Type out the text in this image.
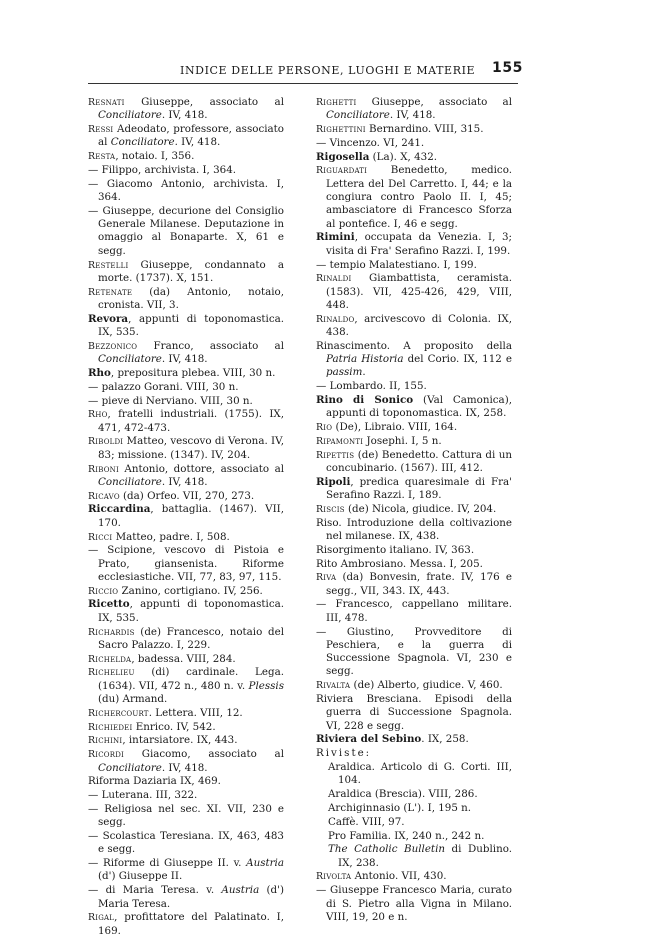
INDICE DELLE PERSONE, LUOGHI E MATERIE 155
Resnati Giuseppe, associato al Conciliatore. IV, 418.
Ressi Adeodato, professore, associato al Conciliatore. IV, 418.
Resta, notaio. I, 356.
— Filippo, archivista. I, 364.
— Giacomo Antonio, archivista. I, 364.
— Giuseppe, decurione del Consiglio Generale Milanese. Deputazione in omaggio al Bonaparte. X, 61 e segg.
Restelli Giuseppe, condannato a morte. (1737). X, 151.
Retenate (da) Antonio, notaio, cronista. VII, 3.
Revora, appunti di toponomastica. IX, 535.
Bezzonico Franco, associato al Conciliatore. IV, 418.
Rho, prepositura plebea. VIII, 30 n.
— palazzo Gorani. VIII, 30 n.
— pieve di Nerviano. VIII, 30 n.
Rho, fratelli industriali. (1755). IX, 471, 472-473.
Riboldi Matteo, vescovo di Verona. IV, 83; missione. (1347). IV, 204.
Riboni Antonio, dottore, associato al Conciliatore. IV, 418.
Ricavo (da) Orfeo. VII, 270, 273.
Riccardina, battaglia. (1467). VII, 170.
Ricci Matteo, padre. I, 508.
— Scipione, vescovo di Pistoia e Prato, giansenista. Riforme ecclesiastiche. VII, 77, 83, 97, 115.
Riccio Zanino, cortigiano. IV, 256.
Ricetto, appunti di toponomastica. IX, 535.
Richardis (de) Francesco, notaio del Sacro Palazzo. I, 229.
Richelda, badessa. VIII, 284.
Richelieu (di) cardinale. Lega. (1634). VII, 472 n., 480 n. v. Plessis (du) Armand.
Richercourt. Lettera. VIII, 12.
Richiedei Enrico. IV, 542.
Richini, intarsiatore. IX, 443.
Ricordi Giacomo, associato al Conciliatore. IV, 418.
Riforma Daziaria IX, 469.
— Luterana. III, 322.
— Religiosa nel sec. XI. VII, 230 e segg.
— Scolastica Teresiana. IX, 463, 483 e segg.
— Riforme di Giuseppe II. v. Austria (d') Giuseppe II.
— di Maria Teresa. v. Austria (d') Maria Teresa.
Rigal, profittatore del Palatinato. I, 169.
Righetti Giuseppe, associato al Conciliatore. IV, 418.
Righettini Bernardino. VIII, 315.
— Vincenzo. VI, 241.
Rigosella (La). X, 432.
Riguardati Benedetto, medico. Lettera del Del Carretto. I, 44; e la congiura contro Paolo II. I, 45; ambasciatore di Francesco Sforza al pontefice. I, 46 e segg.
Rimini, occupata da Venezia. I, 3; visita di Fra' Serafino Razzi. I, 199.
— tempio Malatestiano. I, 199.
Rinaldi Giambattista, ceramista. (1583). VII, 425-426, 429, VIII, 448.
Rinaldo, arcivescovo di Colonia. IX, 438.
Rinascimento. A proposito della Patria Historia del Corio. IX, 112 e passim.
— Lombardo. II, 155.
Rino di Sonico (Val Camonica), appunti di toponomastica. IX, 258.
Rio (De), Libraio. VIII, 164.
Ripamonti Josephi. I, 5 n.
Ripettis (de) Benedetto. Cattura di un concubinario. (1567). III, 412.
Ripoli, predica quaresimale di Fra' Serafino Razzi. I, 189.
Riscis (de) Nicola, giudice. IV, 204.
Riso. Introduzione della coltivazione nel milanese. IX, 438.
Risorgimento italiano. IV, 363.
Rito Ambrosiano. Messa. I, 205.
Riva (da) Bonvesin, frate. IV, 176 e segg., VII, 343. IX, 443.
— Francesco, cappellano militare. III, 478.
— Giustino, Provveditore di Peschiera, e la guerra di Successione Spagnola. VI, 230 e segg.
Rivalta (de) Alberto, giudice. V, 460.
Riviera Bresciana. Episodi della guerra di Successione Spagnola. VI, 228 e segg.
Riviera del Sebino. IX, 258.
Riviste:
Araldica. Articolo di G. Corti. III, 104.
Araldica (Brescia). VIII, 286.
Archiginnasio (L'). I, 195 n.
Caffè. VIII, 97.
Pro Familia. IX, 240 n., 242 n.
The Catholic Bulletin di Dublino. IX, 238.
Rivolta Antonio. VII, 430.
— Giuseppe Francesco Maria, curato di S. Pietro alla Vigna in Milano. VIII, 19, 20 e n.
